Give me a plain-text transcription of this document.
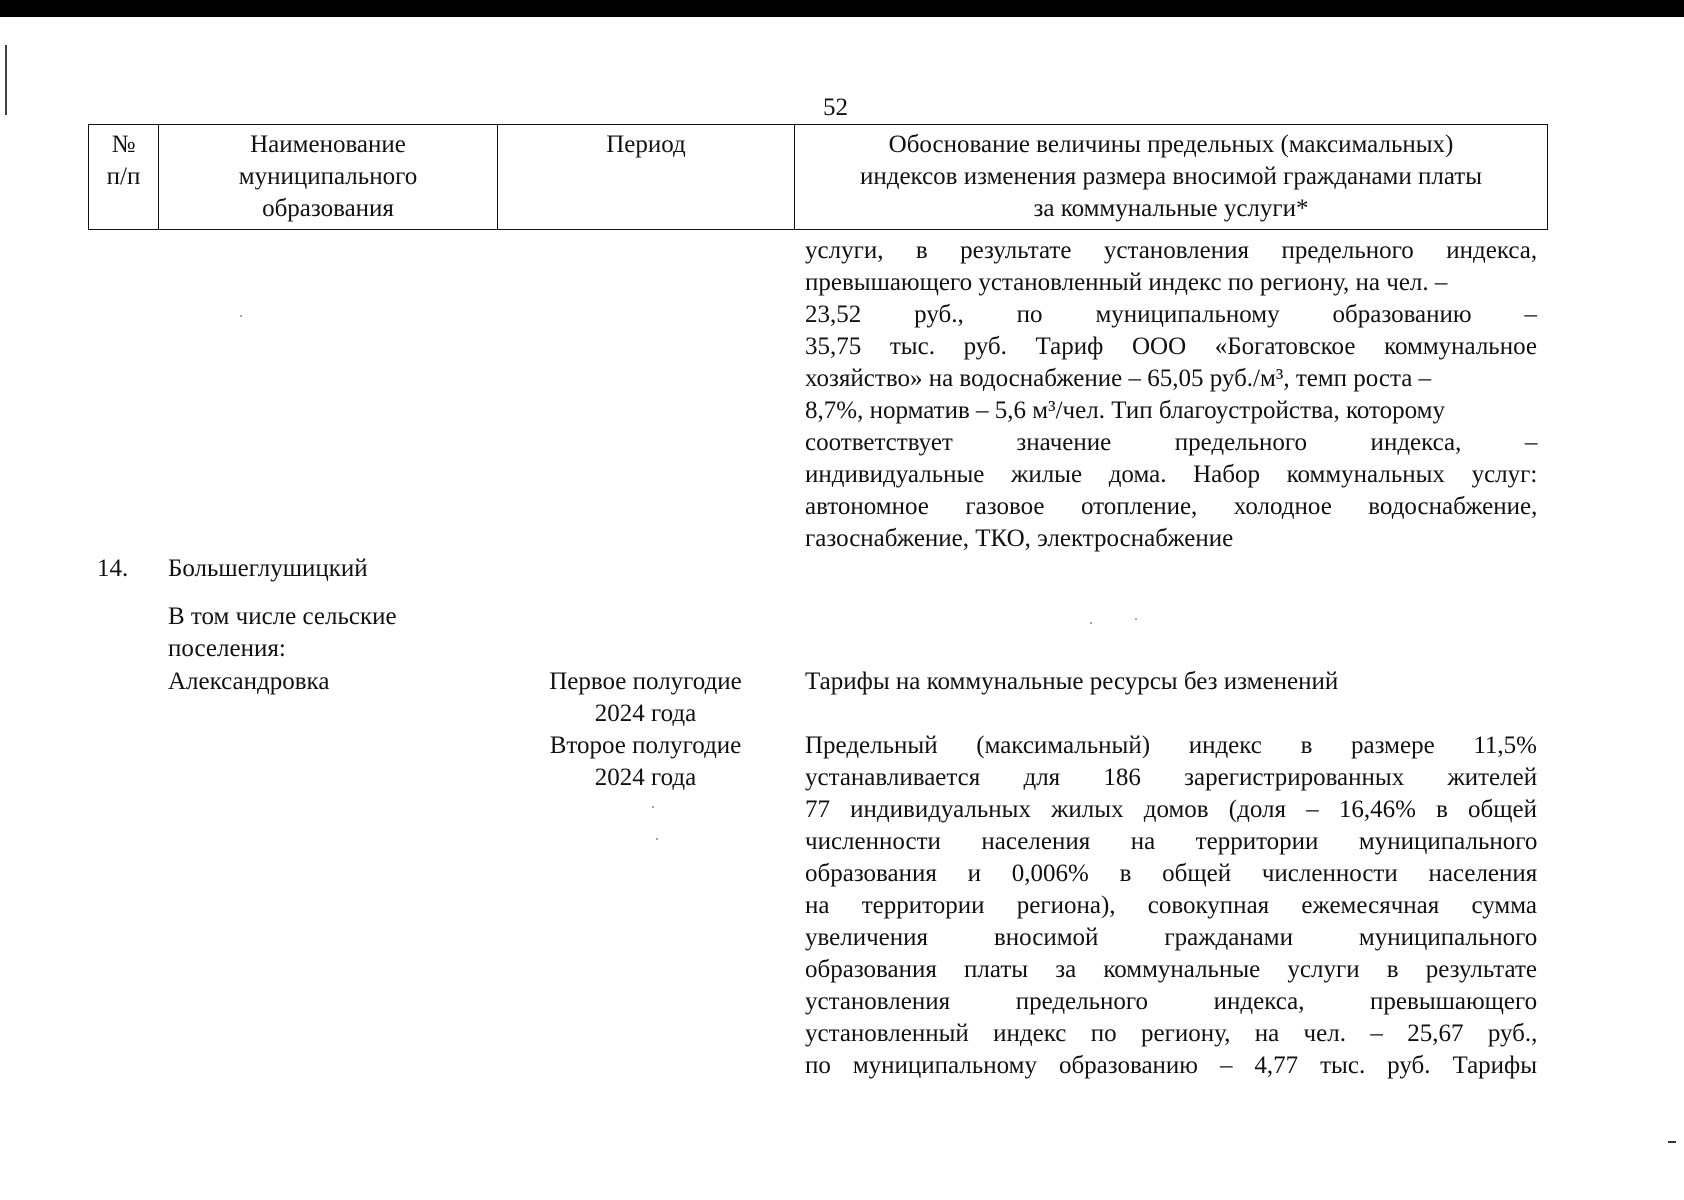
52
№
п/п
Наименование
муниципального
образования
Период	Обоснование величины предельных (максимальных)
индексов изменения размера вносимой гражданами платы
за коммунальные услуги*
услуги, в результате установления предельного индекса,
превышающего установленный индекс по региону, на чел. –
23,52 руб., по муниципальному образованию –
35,75 тыс. руб. Тариф ООО «Богатовское коммунальное
хозяйство» на водоснабжение – 65,05 руб./м³, темп роста –
8,7%, норматив – 5,6 м³/чел. Тип благоустройства, которому
соответствует значение предельного индекса, –
индивидуальные жилые дома. Набор коммунальных услуг:
автономное газовое отопление, холодное водоснабжение,
газоснабжение, ТКО, электроснабжение
14. Большеглушицкий
В том числе сельские
поселения:
Александровка	Первое полугодие
2024 года
Тарифы на коммунальные ресурсы без изменений
Второе полугодие
2024 года
Предельный (максимальный) индекс в размере 11,5%
устанавливается для 186 зарегистрированных жителей
77 индивидуальных жилых домов (доля – 16,46% в общей
численности населения на территории муниципального
образования и 0,006% в общей численности населения
на территории региона), совокупная ежемесячная сумма
увеличения вносимой гражданами муниципального
образования платы за коммунальные услуги в результате
установления предельного индекса, превышающего
установленный индекс по региону, на чел. – 25,67 руб.,
по муниципальному образованию – 4,77 тыс. руб. Тарифы
